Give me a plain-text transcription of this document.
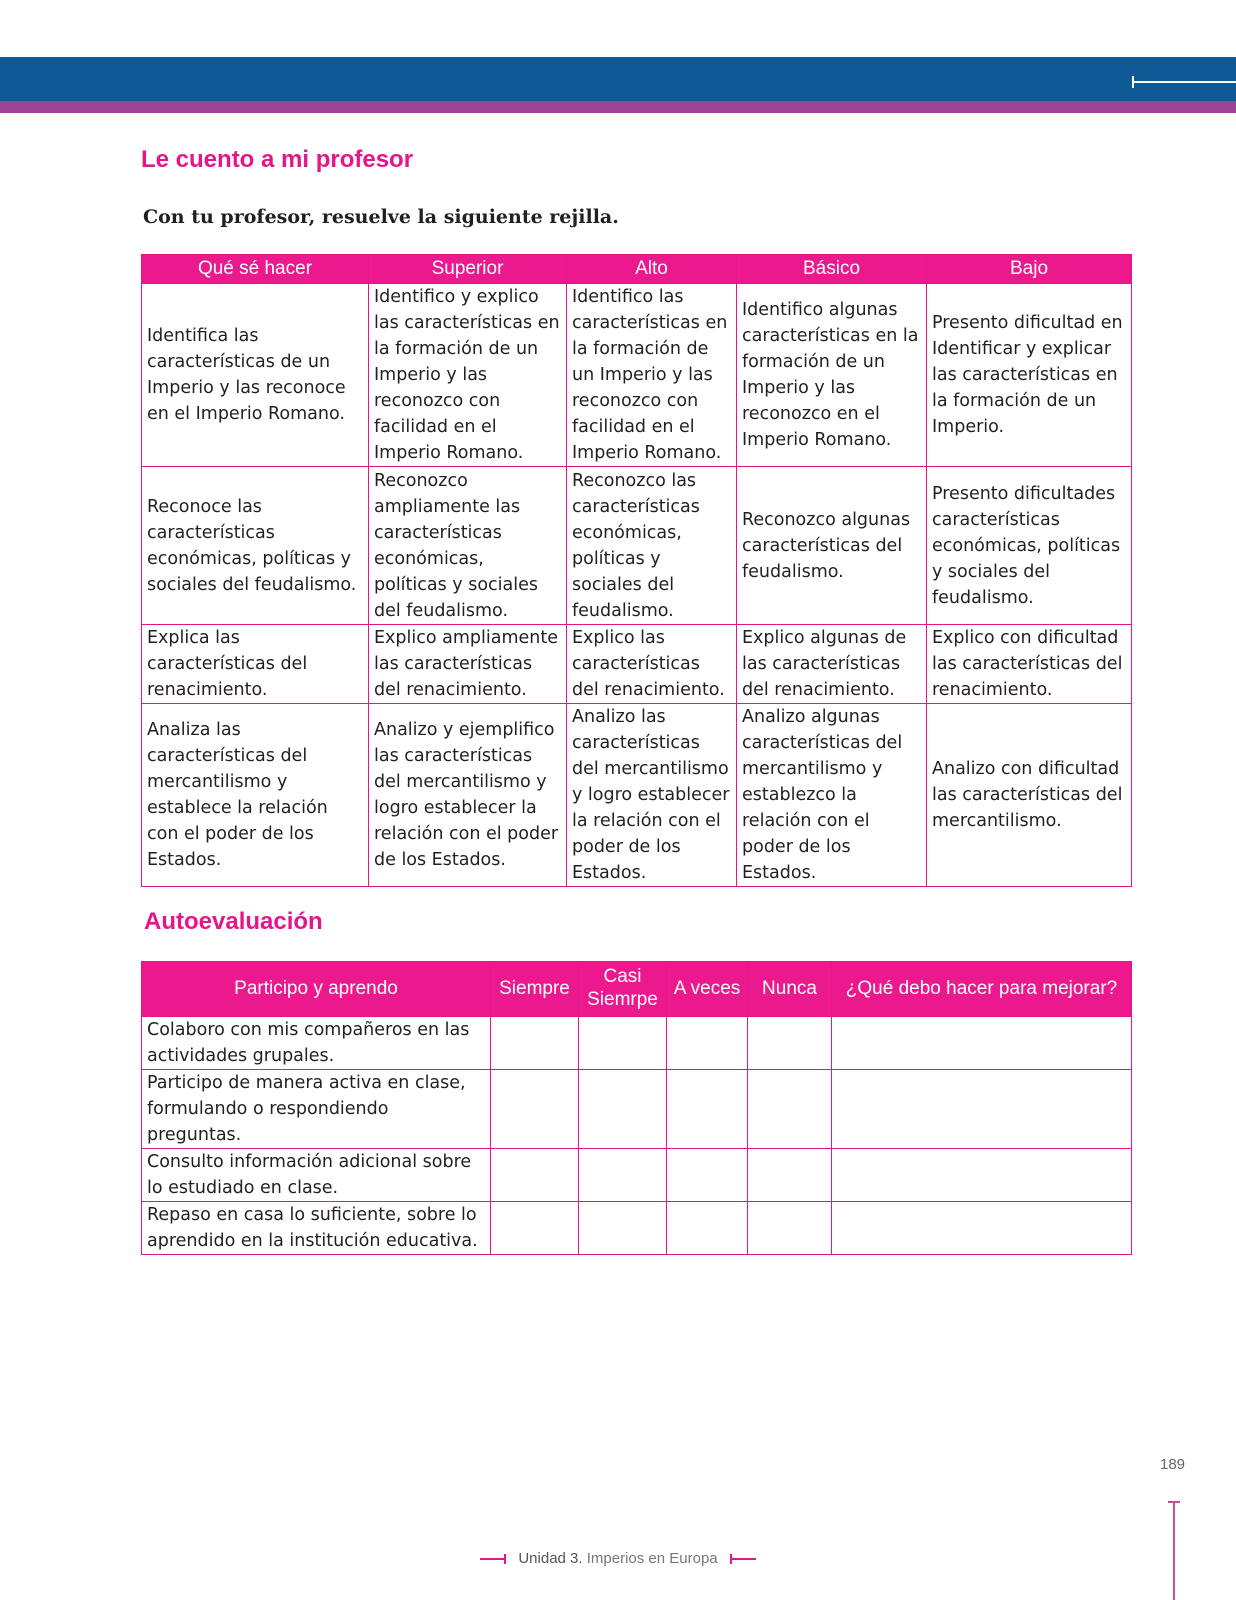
Le cuento a mi profesor
Con tu profesor, resuelve la siguiente rejilla.
Qué sé hacer	Superior	Alto	Básico	Bajo
Identifica las características de un Imperio y las reconoce en el Imperio Romano.	Identifico y explico las características en la formación de un Imperio y las reconozco con facilidad en el Imperio Romano.	Identifico las características en la formación de un Imperio y las reconozco con facilidad en el Imperio Romano.	Identifico algunas características en la formación de un Imperio y las reconozco en el Imperio Romano.	Presento dificultad en Identificar y explicar las características en la formación de un Imperio.
Reconoce las características económicas, políticas y sociales del feudalismo.	Reconozco ampliamente las características económicas, políticas y sociales del feudalismo.	Reconozco las características económicas, políticas y sociales del feudalismo.	Reconozco algunas características del feudalismo.	Presento dificultades características económicas, políticas y sociales del feudalismo.
Explica las características del renacimiento.	Explico ampliamente las características del renacimiento.	Explico las características del renacimiento.	Explico algunas de las características del renacimiento.	Explico con dificultad las características del renacimiento.
Analiza las características del mercantilismo y establece la relación con el poder de los Estados.	Analizo y ejemplifico las características del mercantilismo y logro establecer la relación con el poder de los Estados.	Analizo las características del mercantilismo y logro establecer la relación con el poder de los Estados.	Analizo algunas características del mercantilismo y establezco la relación con el poder de los Estados.	Analizo con dificultad las características del mercantilismo.
Autoevaluación
Participo y aprendo	Siempre	Casi Siemrpe	A veces	Nunca	¿Qué debo hacer para mejorar?
Colaboro con mis compañeros en las actividades grupales.					
Participo de manera activa en clase, formulando o respondiendo preguntas.					
Consulto información adicional sobre lo estudiado en clase.					
Repaso en casa lo suficiente, sobre lo aprendido en la institución educativa.					
189
Unidad 3. Imperios en Europa
